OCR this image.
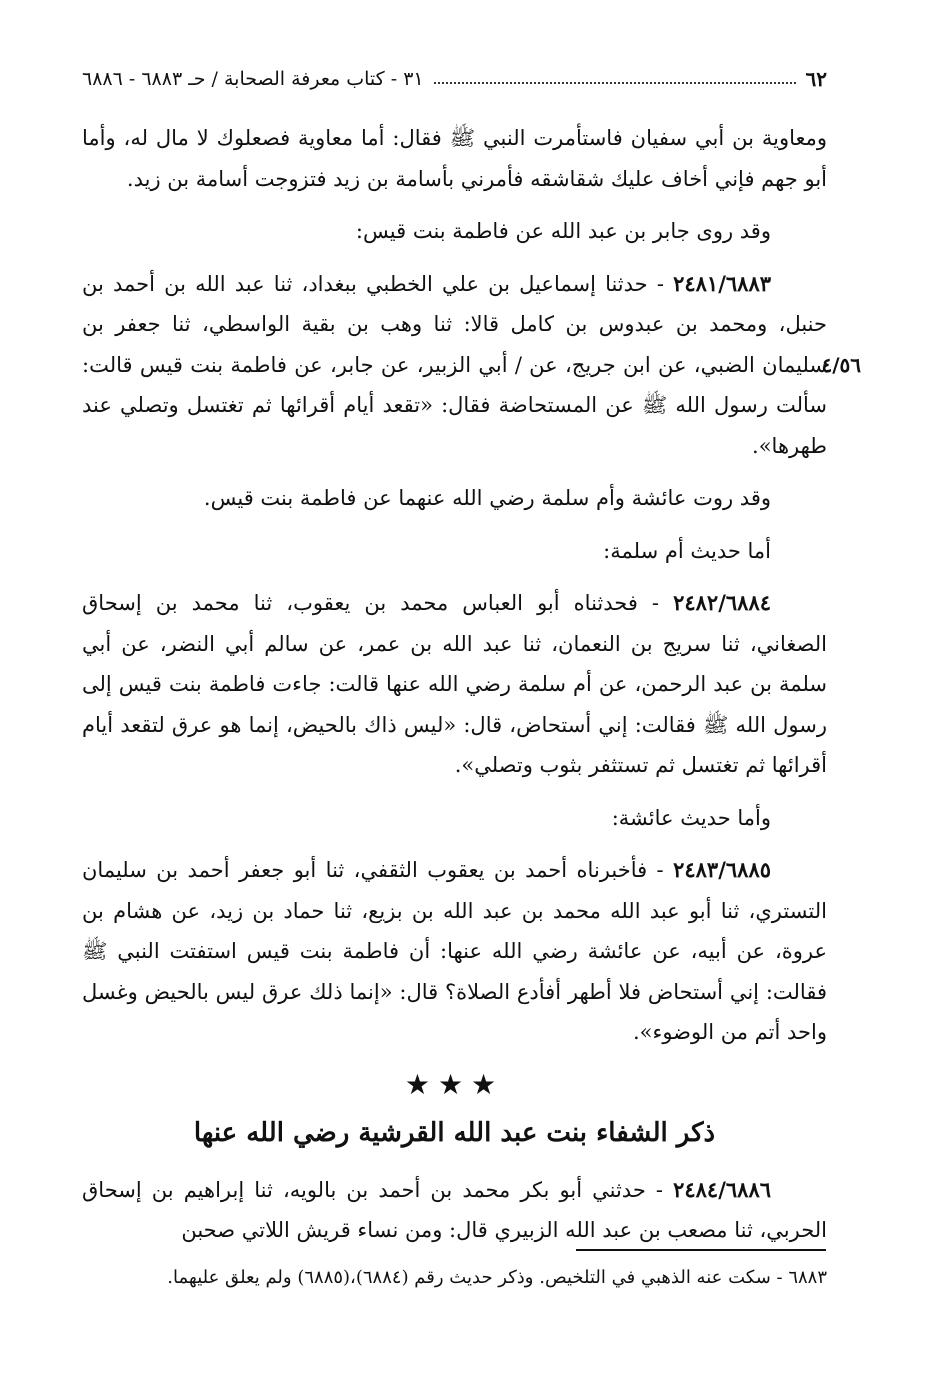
٦٢
٣١ - كتاب معرفة الصحابة / حـ ٦٨٨٣ - ٦٨٨٦

ومعاوية بن أبي سفيان فاستأمرت النبي ﷺ فقال: أما معاوية فصعلوك لا مال له، وأما أبو جهم فإني أخاف عليك شقاشقه فأمرني بأسامة بن زيد فتزوجت أسامة بن زيد.

وقد روى جابر بن عبد الله عن فاطمة بنت قيس:

٢٤٨١/٦٨٨٣ - حدثنا إسماعيل بن علي الخطبي ببغداد، ثنا عبد الله بن أحمد بن حنبل، ومحمد بن عبدوس بن كامل قالا: ثنا وهب بن بقية الواسطي، ثنا جعفر بن سليمان الضبي، عن ابن جريج، عن / أبي الزبير، عن جابر، عن فاطمة بنت قيس قالت: سألت رسول الله ﷺ عن المستحاضة فقال: «تقعد أيام أقرائها ثم تغتسل وتصلي عند طهرها».
٤/٥٦

وقد روت عائشة وأم سلمة رضي الله عنهما عن فاطمة بنت قيس.

أما حديث أم سلمة:

٢٤٨٢/٦٨٨٤ - فحدثناه أبو العباس محمد بن يعقوب، ثنا محمد بن إسحاق الصغاني، ثنا سريج بن النعمان، ثنا عبد الله بن عمر، عن سالم أبي النضر، عن أبي سلمة بن عبد الرحمن، عن أم سلمة رضي الله عنها قالت: جاءت فاطمة بنت قيس إلى رسول الله ﷺ فقالت: إني أستحاض، قال: «ليس ذاك بالحيض، إنما هو عرق لتقعد أيام أقرائها ثم تغتسل ثم تستثفر بثوب وتصلي».

وأما حديث عائشة:

٢٤٨٣/٦٨٨٥ - فأخبرناه أحمد بن يعقوب الثقفي، ثنا أبو جعفر أحمد بن سليمان التستري، ثنا أبو عبد الله محمد بن عبد الله بن بزيع، ثنا حماد بن زيد، عن هشام بن عروة، عن أبيه، عن عائشة رضي الله عنها: أن فاطمة بنت قيس استفتت النبي ﷺ فقالت: إني أستحاض فلا أطهر أفأدع الصلاة؟ قال: «إنما ذلك عرق ليس بالحيض وغسل واحد أتم من الوضوء».

★★★
ذكر الشفاء بنت عبد الله القرشية رضي الله عنها

٢٤٨٤/٦٨٨٦ - حدثني أبو بكر محمد بن أحمد بن بالويه، ثنا إبراهيم بن إسحاق الحربي، ثنا مصعب بن عبد الله الزبيري قال: ومن نساء قريش اللاتي صحبن

٦٨٨٣ - سكت عنه الذهبي في التلخيص. وذكر حديث رقم (٦٨٨٤)،(٦٨٨٥) ولم يعلق عليهما.
